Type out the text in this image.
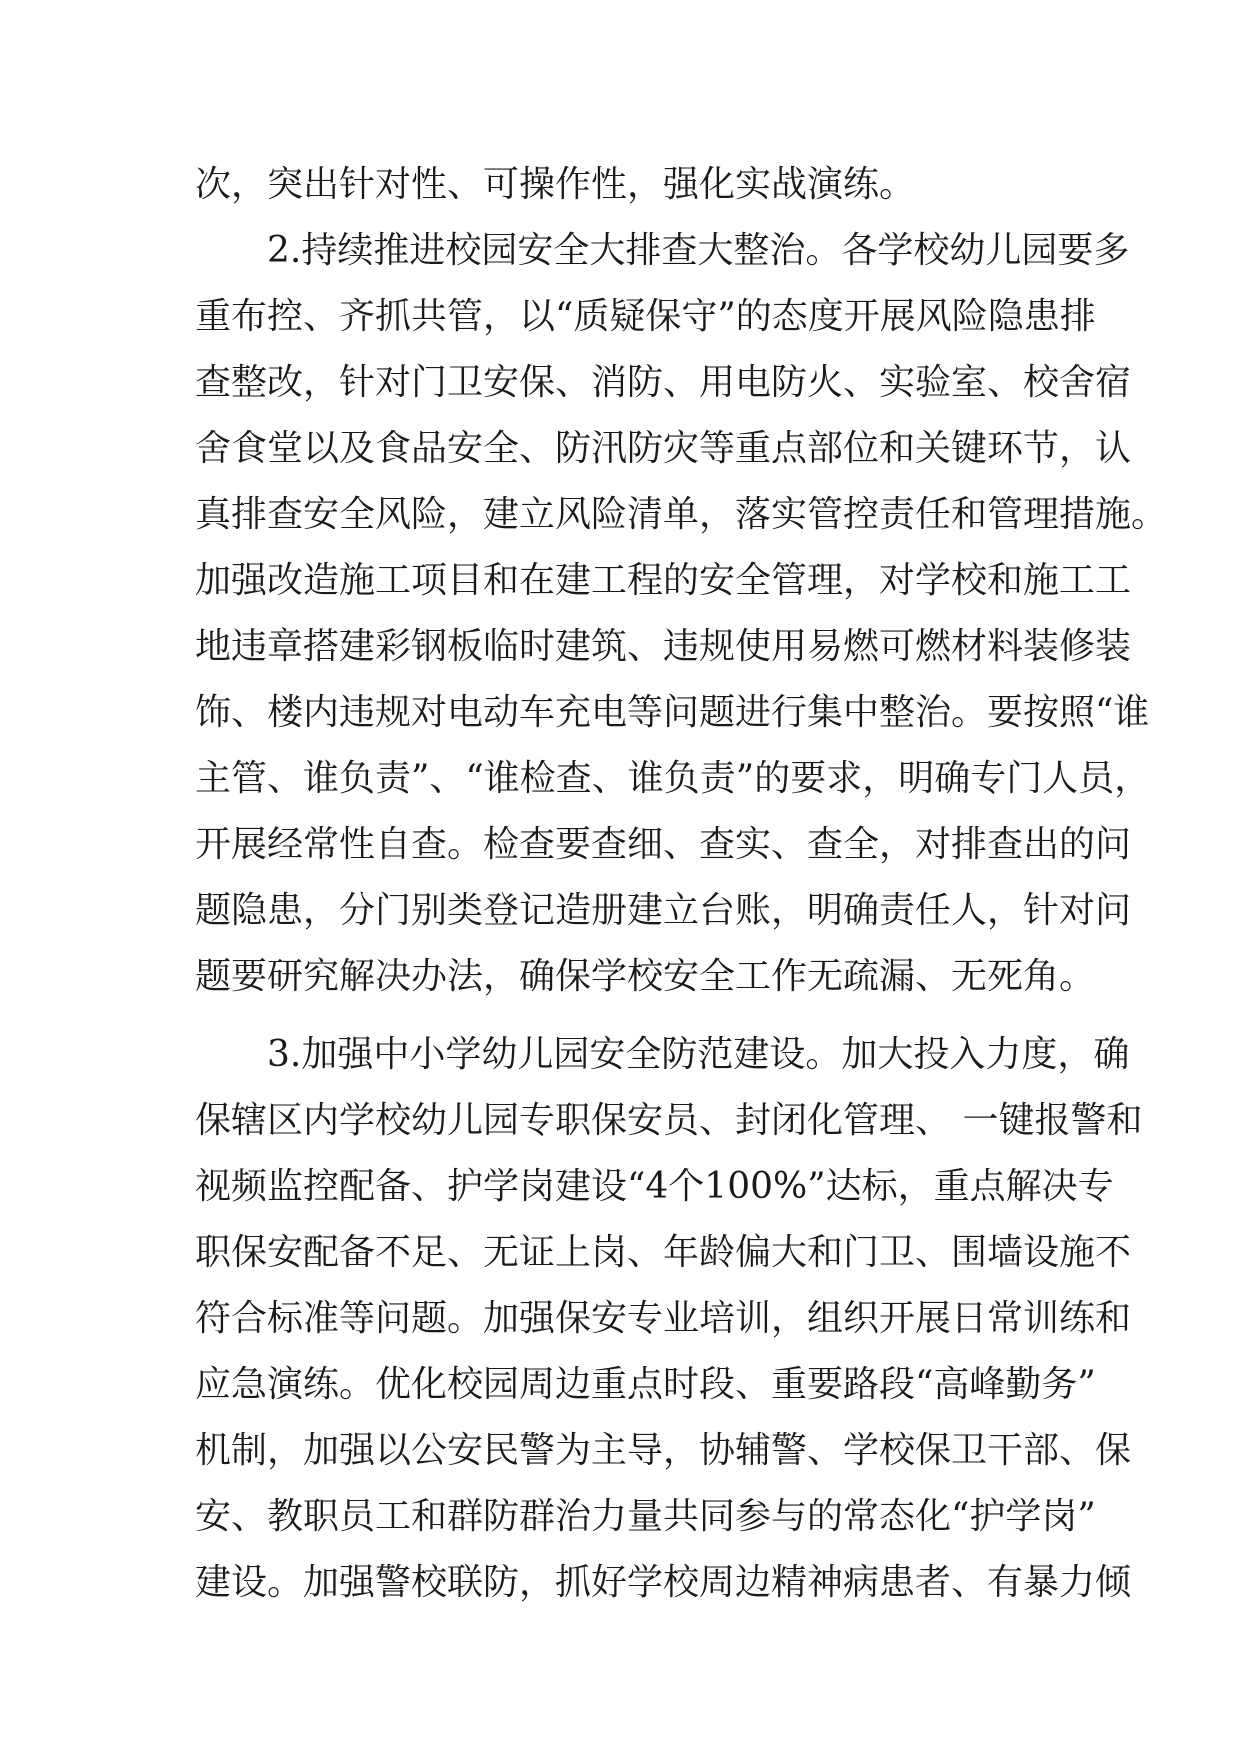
次，突出针对性、可操作性，强化实战演练。
2.持续推进校园安全大排查大整治。各学校幼儿园要多
重布控、齐抓共管，以“质疑保守”的态度开展风险隐患排
查整改，针对门卫安保、消防、用电防火、实验室、校舍宿
舍食堂以及食品安全、防汛防灾等重点部位和关键环节，认
真排查安全风险，建立风险清单，落实管控责任和管理措施。
加强改造施工项目和在建工程的安全管理，对学校和施工工
地违章搭建彩钢板临时建筑、违规使用易燃可燃材料装修装
饰、楼内违规对电动车充电等问题进行集中整治。要按照“谁
主管、谁负责”、“谁检查、谁负责”的要求，明确专门人员，
开展经常性自查。检查要查细、查实、查全，对排查出的问
题隐患，分门别类登记造册建立台账，明确责任人，针对问
题要研究解决办法，确保学校安全工作无疏漏、无死角。
3.加强中小学幼儿园安全防范建设。加大投入力度，确
保辖区内学校幼儿园专职保安员、封闭化管理、 一键报警和
视频监控配备、护学岗建设“4个100%”达标，重点解决专
职保安配备不足、无证上岗、年龄偏大和门卫、围墙设施不
符合标准等问题。加强保安专业培训，组织开展日常训练和
应急演练。优化校园周边重点时段、重要路段“高峰勤务”
机制，加强以公安民警为主导，协辅警、学校保卫干部、保
安、教职员工和群防群治力量共同参与的常态化“护学岗”
建设。加强警校联防，抓好学校周边精神病患者、有暴力倾
